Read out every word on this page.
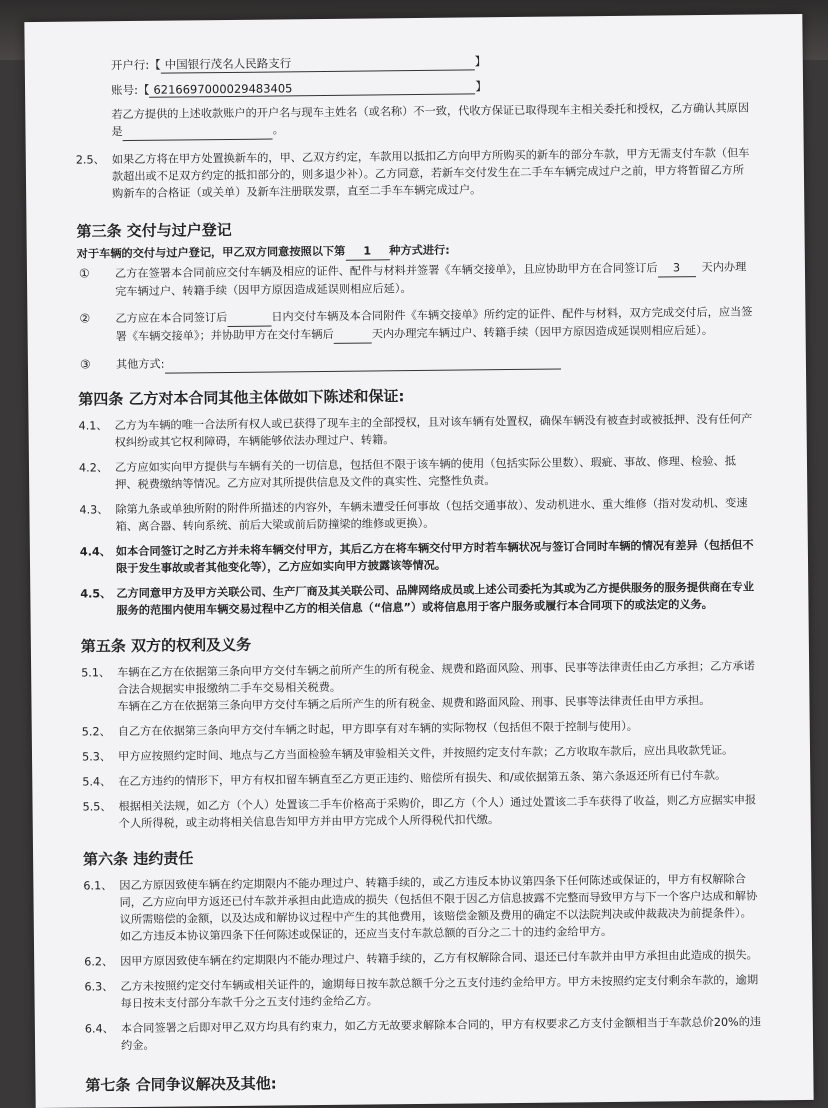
开户行: 【 中国银行茂名人民路支行	】
账号: 【 6216697000029483405	】
若乙方提供的上述收款账户的开户名与现车主姓名（或名称）不一致，代收方保证已取得现车主相关委托和授权，乙方确认其原因
是	。
2.5、 如果乙方将在甲方处置换新车的，甲、乙双方约定，车款用以抵扣乙方向甲方所购买的新车的部分车款，甲方无需支付车款（但车
款超出或不足双方约定的抵扣部分的，则多退少补）。乙方同意，若新车交付发生在二手车车辆完成过户之前，甲方将暂留乙方所
购新车的合格证（或关单）及新车注册联发票，直至二手车车辆完成过户。
第三条 交付与过户登记
对于车辆的交付与过户登记，甲乙双方同意按照以下第 1 种方式进行:
①	乙方在签署本合同前应交付车辆及相应的证件、配件与材料并签署《车辆交接单》，且应协助甲方在合同签订后 3 天内办理
完车辆过户、转籍手续（因甲方原因造成延误则相应后延）。
②	乙方应在本合同签订后	日内交付车辆及本合同附件《车辆交接单》所约定的证件、配件与材料，双方完成交付后，应当签
署《车辆交接单》；并协助甲方在交付车辆后	天内办理完车辆过户、转籍手续（因甲方原因造成延误则相应后延）。
③	其他方式:
第四条 乙方对本合同其他主体做如下陈述和保证:
4.1、 乙方为车辆的唯一合法所有权人或已获得了现车主的全部授权，且对该车辆有处置权，确保车辆没有被查封或被抵押、没有任何产
权纠纷或其它权利障碍，车辆能够依法办理过户、转籍。
4.2、 乙方应如实向甲方提供与车辆有关的一切信息，包括但不限于该车辆的使用（包括实际公里数）、瑕疵、事故、修理、检验、抵
押、税费缴纳等情况。乙方应对其所提供信息及文件的真实性、完整性负责。
4.3、 除第九条或单独所附的附件所描述的内容外，车辆未遭受任何事故（包括交通事故）、发动机进水、重大维修（指对发动机、变速
箱、离合器、转向系统、前后大梁或前后防撞梁的维修或更换）。
4.4、 如本合同签订之时乙方并未将车辆交付甲方，其后乙方在将车辆交付甲方时若车辆状况与签订合同时车辆的情况有差异（包括但不
限于发生事故或者其他变化等），乙方应如实向甲方披露该等情况。
4.5、 乙方同意甲方及甲方关联公司、生产厂商及其关联公司、品牌网络成员或上述公司委托为其或为乙方提供服务的服务提供商在专业
服务的范围内使用车辆交易过程中乙方的相关信息（“信息”）或将信息用于客户服务或履行本合同项下的或法定的义务。
第五条 双方的权利及义务
5.1、 车辆在乙方在依据第三条向甲方交付车辆之前所产生的所有税金、规费和路面风险、刑事、民事等法律责任由乙方承担；乙方承诺
合法合规据实申报缴纳二手车交易相关税费。
车辆在乙方在依据第三条向甲方交付车辆之后所产生的所有税金、规费和路面风险、刑事、民事等法律责任由甲方承担。
5.2、 自乙方在依据第三条向甲方交付车辆之时起，甲方即享有对车辆的实际物权（包括但不限于控制与使用）。
5.3、 甲方应按照约定时间、地点与乙方当面检验车辆及审验相关文件，并按照约定支付车款；乙方收取车款后，应出具收款凭证。
5.4、 在乙方违约的情形下，甲方有权扣留车辆直至乙方更正违约、赔偿所有损失、和/或依据第五条、第六条返还所有已付车款。
5.5、 根据相关法规，如乙方（个人）处置该二手车价格高于采购价，即乙方（个人）通过处置该二手车获得了收益，则乙方应据实申报
个人所得税，或主动将相关信息告知甲方并由甲方完成个人所得税代扣代缴。
第六条 违约责任
6.1、 因乙方原因致使车辆在约定期限内不能办理过户、转籍手续的，或乙方违反本协议第四条下任何陈述或保证的，甲方有权解除合
同，乙方应向甲方返还已付车款并承担由此造成的损失（包括但不限于因乙方信息披露不完整而导致甲方与下一个客户达成和解协
议所需赔偿的金额，以及达成和解协议过程中产生的其他费用，该赔偿金额及费用的确定不以法院判决或仲裁裁决为前提条件）。
如乙方违反本协议第四条下任何陈述或保证的，还应当支付车款总额的百分之二十的违约金给甲方。
6.2、 因甲方原因致使车辆在约定期限内不能办理过户、转籍手续的，乙方有权解除合同、退还已付车款并由甲方承担由此造成的损失。
6.3、 乙方未按照约定交付车辆或相关证件的，逾期每日按车款总额千分之五支付违约金给甲方。甲方未按照约定支付剩余车款的，逾期
每日按未支付部分车款千分之五支付违约金给乙方。
6.4、 本合同签署之后即对甲乙双方均具有约束力，如乙方无故要求解除本合同的，甲方有权要求乙方支付金额相当于车款总价20%的违
约金。
第七条 合同争议解决及其他:
